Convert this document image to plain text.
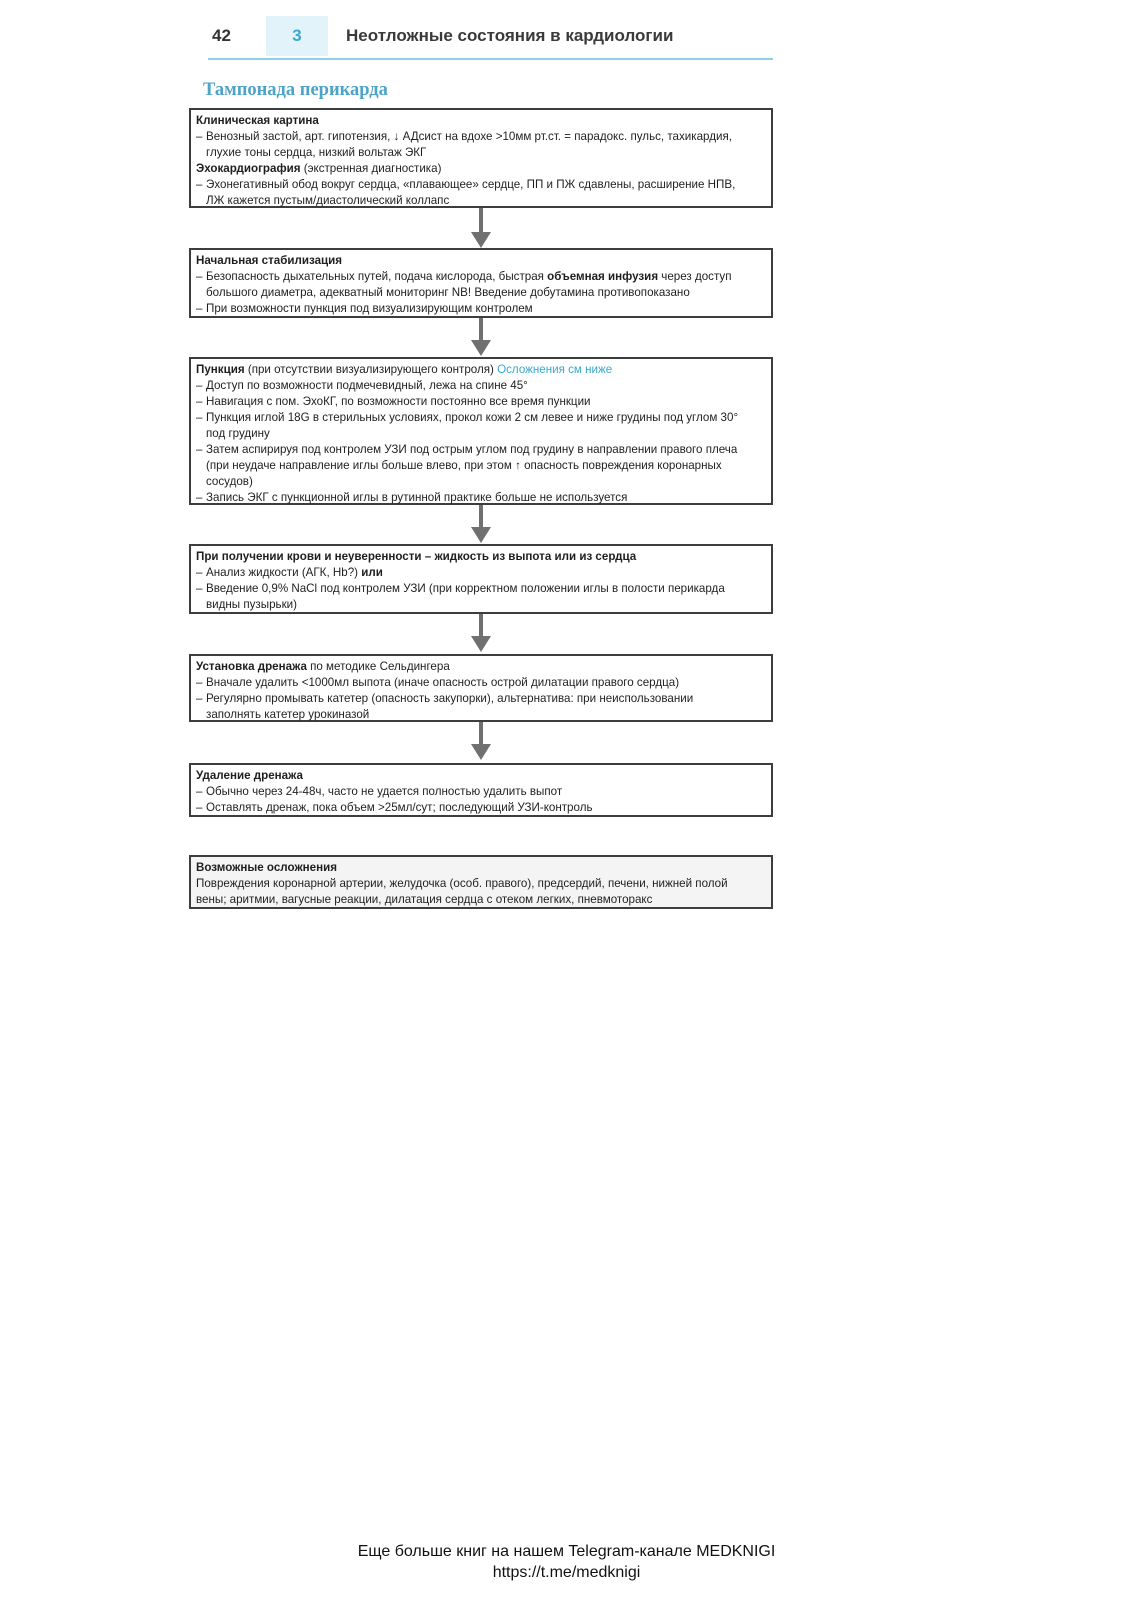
42	3	Неотложные состояния в кардиологии
Тампонада перикарда
Клиническая картина
– Венозный застой, арт. гипотензия, ↓ АДсист на вдохе >10мм рт.ст. = парадокс. пульс, тахикардия,
глухие тоны сердца, низкий вольтаж ЭКГ
Эхокардиография (экстренная диагностика)
– Эхонегативный обод вокруг сердца, «плавающее» сердце, ПП и ПЖ сдавлены, расширение НПВ,
ЛЖ кажется пустым/диастолический коллапс
Начальная стабилизация
– Безопасность дыхательных путей, подача кислорода, быстрая объемная инфузия через доступ
большого диаметра, адекватный мониторинг NB! Введение добутамина противопоказано
– При возможности пункция под визуализирующим контролем
Пункция (при отсутствии визуализирующего контроля) Осложнения см ниже
– Доступ по возможности подмечевидный, лежа на спине 45°
– Навигация с пом. ЭхоКГ, по возможности постоянно все время пункции
– Пункция иглой 18G в стерильных условиях, прокол кожи 2 см левее и ниже грудины под углом 30°
под грудину
– Затем аспирируя под контролем УЗИ под острым углом под грудину в направлении правого плеча
(при неудаче направление иглы больше влево, при этом ↑ опасность повреждения коронарных
сосудов)
– Запись ЭКГ с пункционной иглы в рутинной практике больше не используется
При получении крови и неуверенности – жидкость из выпота или из сердца
– Анализ жидкости (АГК, Hb?) или
– Введение 0,9% NaCl под контролем УЗИ (при корректном положении иглы в полости перикарда
видны пузырьки)
Установка дренажа по методике Сельдингера
– Вначале удалить <1000мл выпота (иначе опасность острой дилатации правого сердца)
– Регулярно промывать катетер (опасность закупорки), альтернатива: при неиспользовании
заполнять катетер урокиназой
Удаление дренажа
– Обычно через 24-48ч, часто не удается полностью удалить выпот
– Оставлять дренаж, пока объем >25мл/сут; последующий УЗИ-контроль
Возможные осложнения
Повреждения коронарной артерии, желудочка (особ. правого), предсердий, печени, нижней полой
вены; аритмии, вагусные реакции, дилатация сердца с отеком легких, пневмоторакс
Еще больше книг на нашем Telegram-канале MEDKNIGI
https://t.me/medknigi
